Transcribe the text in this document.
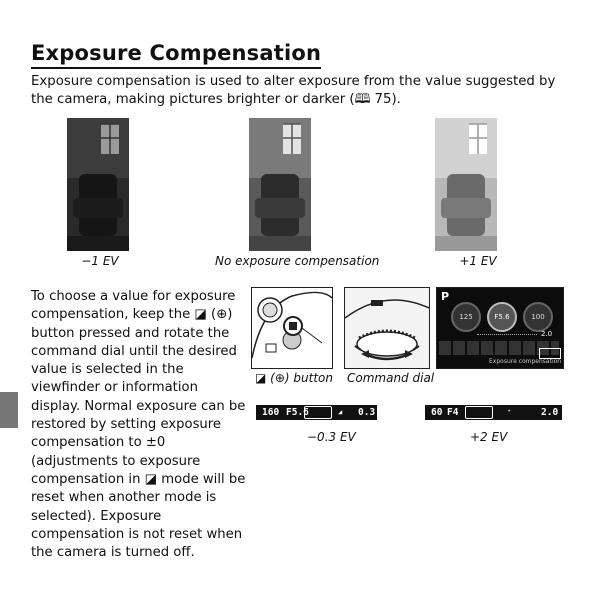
Exposure Compensation
Exposure compensation is used to alter exposure from the value suggested by the camera, making pictures brighter or darker (🕮 75).
−1 EV	No exposure compensation	+1 EV
To choose a value for exposure compensation, keep the ◪ (⊕) button pressed and rotate the command dial until the desired value is selected in the viewfinder or information display. Normal exposure can be restored by setting exposure compensation to ±0 (adjustments to exposure compensation in ◪ mode will be reset when another mode is selected). Exposure compensation is not reset when the camera is turned off.
P
125	F5.6	100
2.0
Exposure compensation
◪ (⊕) button Command dial
160 F5.6	◢ 0.3	60 F4	⁺	2.0
−0.3 EV	+2 EV
